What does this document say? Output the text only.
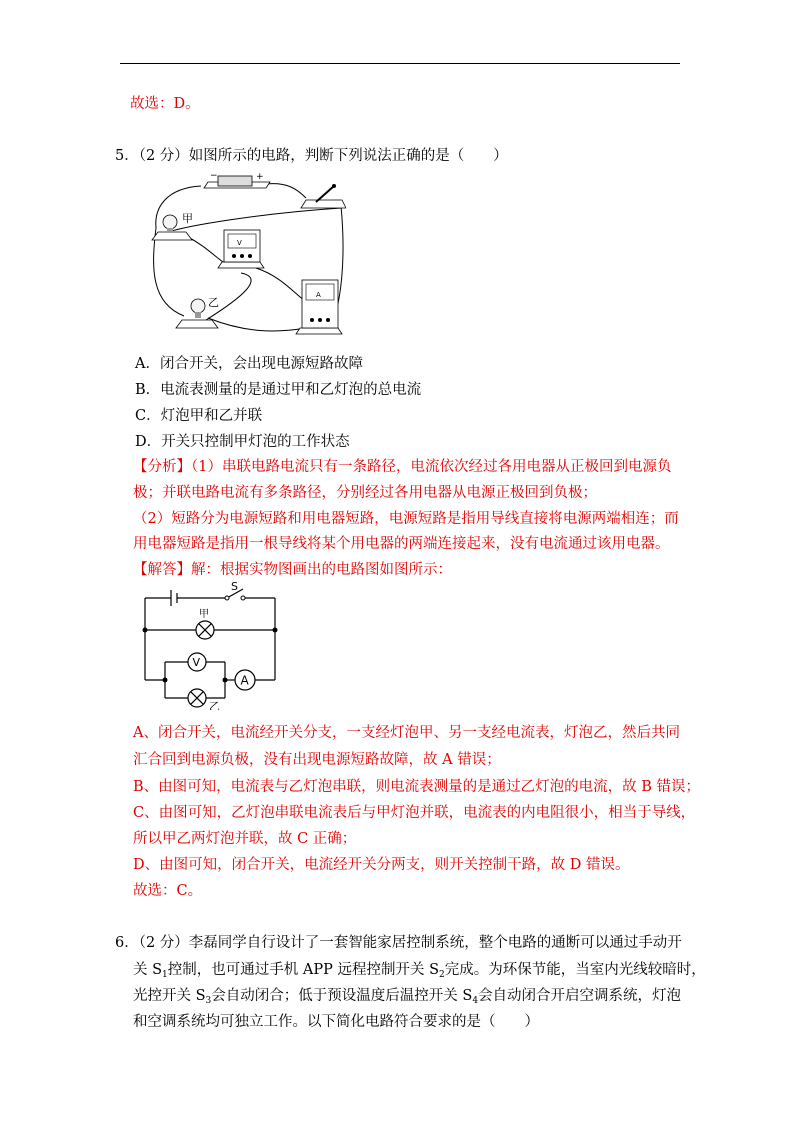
故选：D。
5．（2 分）如图所示的电路，判断下列说法正确的是（　　）
−	+
甲
V
乙
A
A．闭合开关，会出现电源短路故障
B．电流表测量的是通过甲和乙灯泡的总电流
C．灯泡甲和乙并联
D．开关只控制甲灯泡的工作状态
【分析】（1）串联电路电流只有一条路径，电流依次经过各用电器从正极回到电源负
极；并联电路电流有多条路径，分别经过各用电器从电源正极回到负极；
（2）短路分为电源短路和用电器短路，电源短路是指用导线直接将电源两端相连；而
用电器短路是指用一根导线将某个用电器的两端连接起来，没有电流通过该用电器。
【解答】解：根据实物图画出的电路图如图所示：
S
甲
V
A
乙
A、闭合开关，电流经开关分支，一支经灯泡甲、另一支经电流表，灯泡乙，然后共同
汇合回到电源负极，没有出现电源短路故障，故 A 错误；
B、由图可知，电流表与乙灯泡串联，则电流表测量的是通过乙灯泡的电流，故 B 错误；
C、由图可知，乙灯泡串联电流表后与甲灯泡并联，电流表的内电阻很小，相当于导线，
所以甲乙两灯泡并联，故 C 正确；
D、由图可知，闭合开关，电流经开关分两支，则开关控制干路，故 D 错误。
故选：C。
6．（2 分）李磊同学自行设计了一套智能家居控制系统，整个电路的通断可以通过手动开
关 $S_1$控制，也可通过手机 APP 远程控制开关 $S_2$完成。为环保节能，当室内光线较暗时，
光控开关 $S_3$会自动闭合；低于预设温度后温控开关 $S_4$会自动闭合开启空调系统，灯泡
和空调系统均可独立工作。以下简化电路符合要求的是（　　）
